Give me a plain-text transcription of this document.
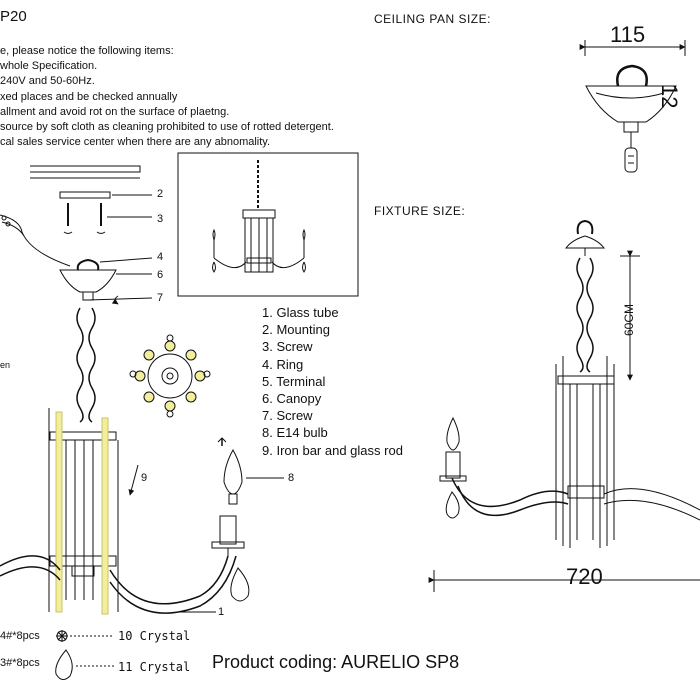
P20
e, please notice the following items:
whole Specification.
240V and 50-60Hz.
xed places and be checked annually
allment and avoid rot on the surface of plaetng.
source by soft cloth as cleaning prohibited to use of rotted detergent.
cal sales service center when there are any abnomality.
CEILING PAN SIZE:
115
12
FIXTURE SIZE:
60CM
720
1. Glass tube
2. Mounting
3. Screw
4. Ring
5. Terminal
6. Canopy
7. Screw
8. E14 bulb
9. Iron bar and glass rod
2
3
4
6
7
9	8
1
en
4#*8pcs	10 Crystal
3#*8pcs	11 Crystal Product coding: AURELIO SP8
